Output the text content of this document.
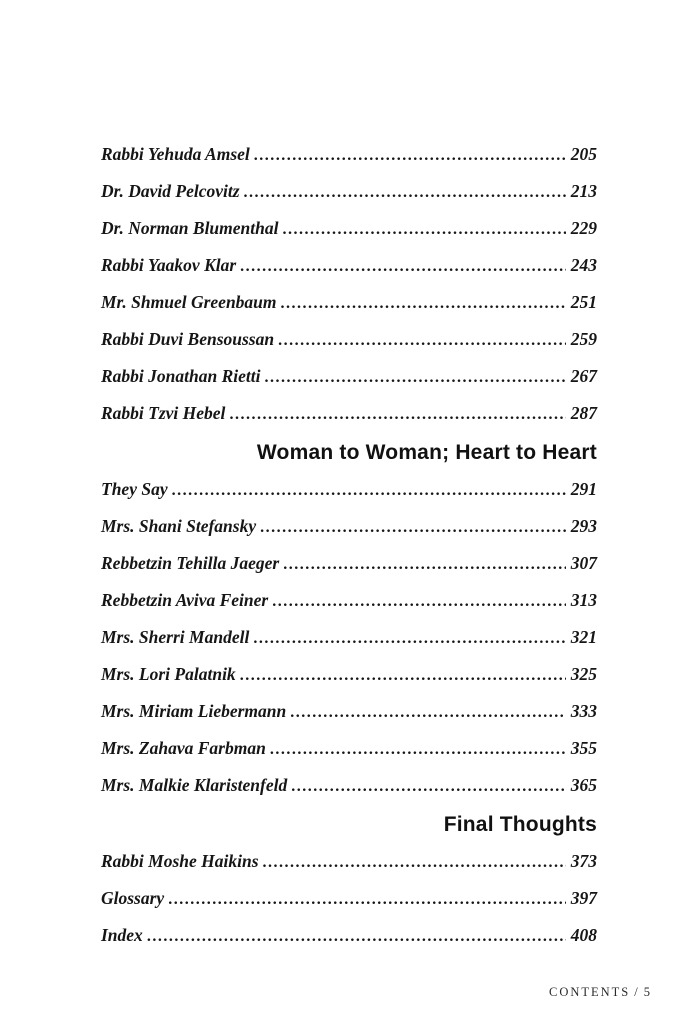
Rabbi Yehuda Amsel .....	205
Dr. David Pelcovitz .....	213
Dr. Norman Blumenthal .....	229
Rabbi Yaakov Klar .....	243
Mr. Shmuel Greenbaum .....	251
Rabbi Duvi Bensoussan .....	259
Rabbi Jonathan Rietti .....	267
Rabbi Tzvi Hebel .....	287
Woman to Woman; Heart to Heart
They Say .....	291
Mrs. Shani Stefansky .....	293
Rebbetzin Tehilla Jaeger .....	307
Rebbetzin Aviva Feiner .....	313
Mrs. Sherri Mandell .....	321
Mrs. Lori Palatnik .....	325
Mrs. Miriam Liebermann .....	333
Mrs. Zahava Farbman .....	355
Mrs. Malkie Klaristenfeld .....	365
Final Thoughts
Rabbi Moshe Haikins .....	373
Glossary .....	397
Index .....	408
CONTENTS / 5
